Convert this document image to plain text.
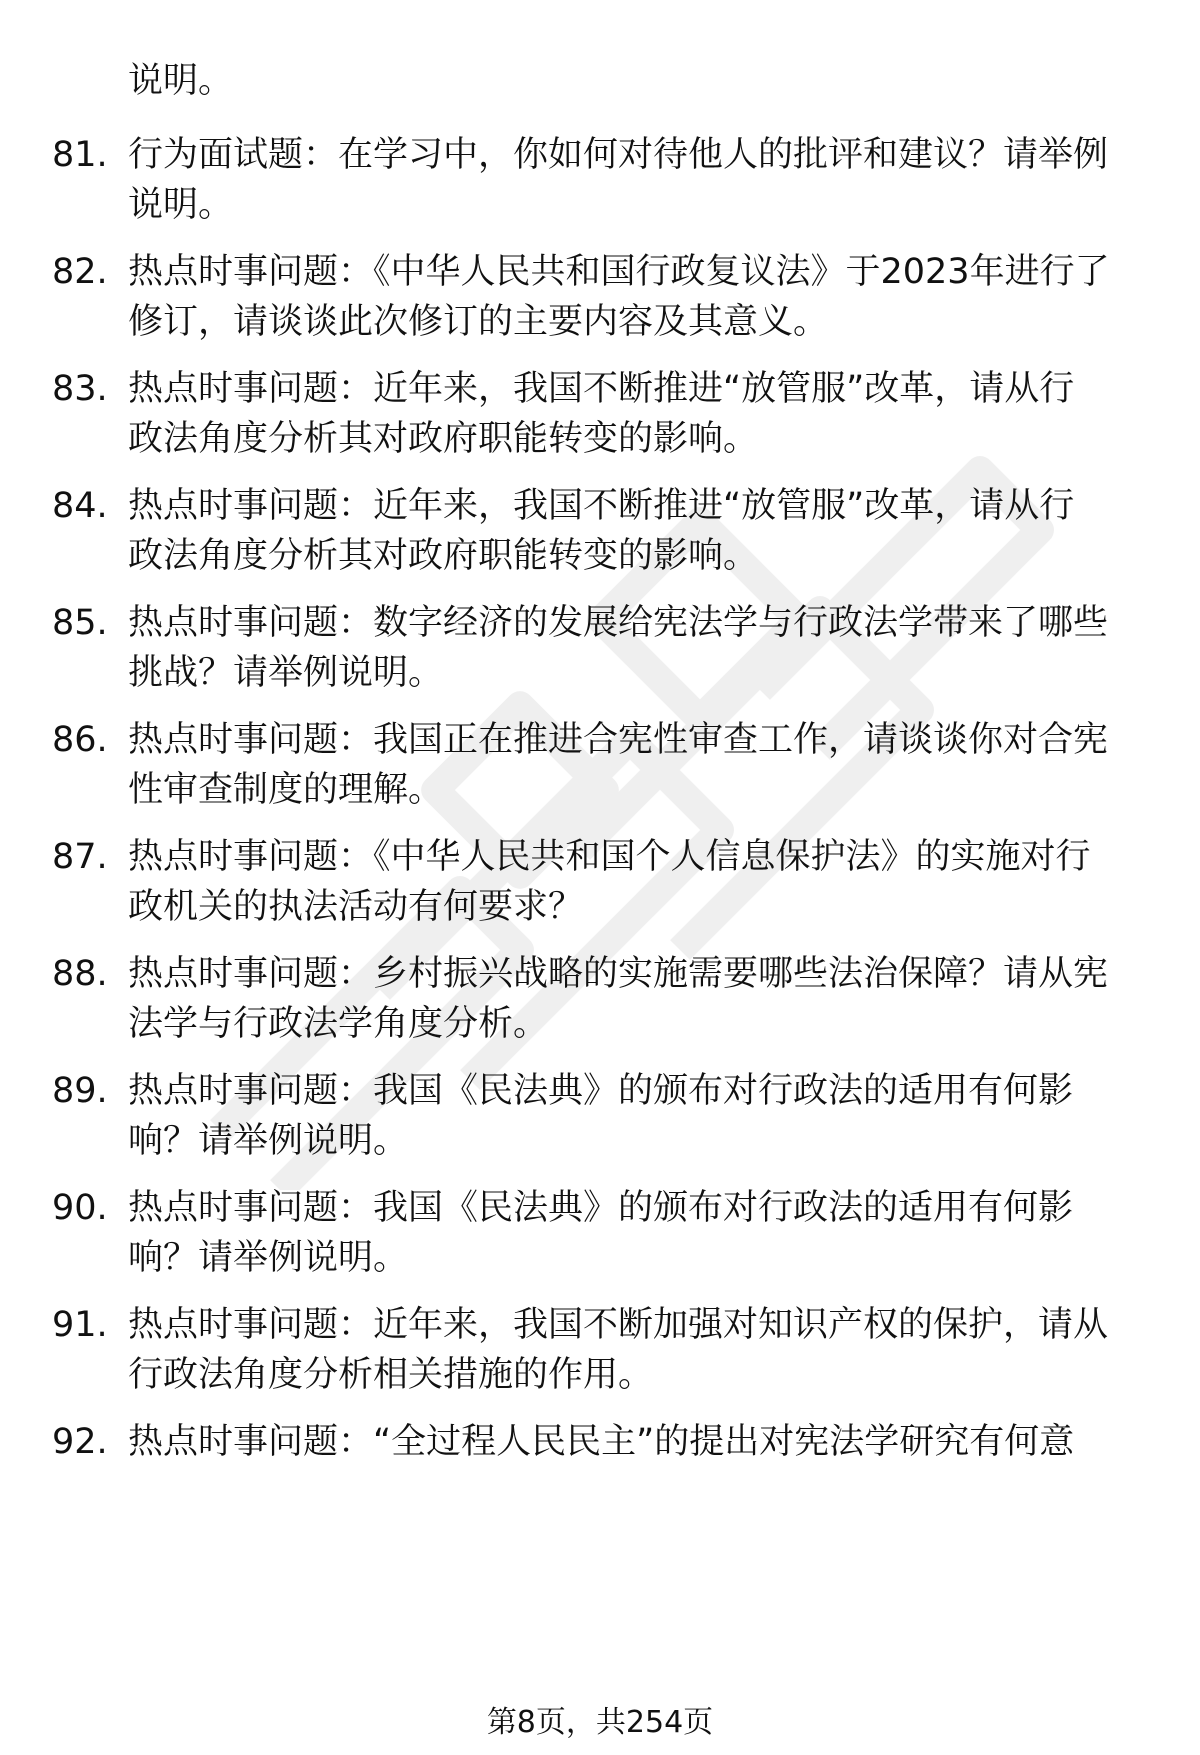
说明。
81. 行为面试题：在学习中，你如何对待他人的批评和建议？请举例
说明。
82. 热点时事问题：《中华人民共和国行政复议法》于2023年进行了
修订，请谈谈此次修订的主要内容及其意义。
83. 热点时事问题：近年来，我国不断推进“放管服”改革，请从行
政法角度分析其对政府职能转变的影响。
84. 热点时事问题：近年来，我国不断推进“放管服”改革，请从行
政法角度分析其对政府职能转变的影响。
85. 热点时事问题：数字经济的发展给宪法学与行政法学带来了哪些
挑战？请举例说明。
86. 热点时事问题：我国正在推进合宪性审查工作，请谈谈你对合宪
性审查制度的理解。
87. 热点时事问题：《中华人民共和国个人信息保护法》的实施对行
政机关的执法活动有何要求？
88. 热点时事问题：乡村振兴战略的实施需要哪些法治保障？请从宪
法学与行政法学角度分析。
89. 热点时事问题：我国《民法典》的颁布对行政法的适用有何影
响？请举例说明。
90. 热点时事问题：我国《民法典》的颁布对行政法的适用有何影
响？请举例说明。
91. 热点时事问题：近年来，我国不断加强对知识产权的保护，请从
行政法角度分析相关措施的作用。
92. 热点时事问题：“全过程人民民主”的提出对宪法学研究有何意
第8页，共254页
